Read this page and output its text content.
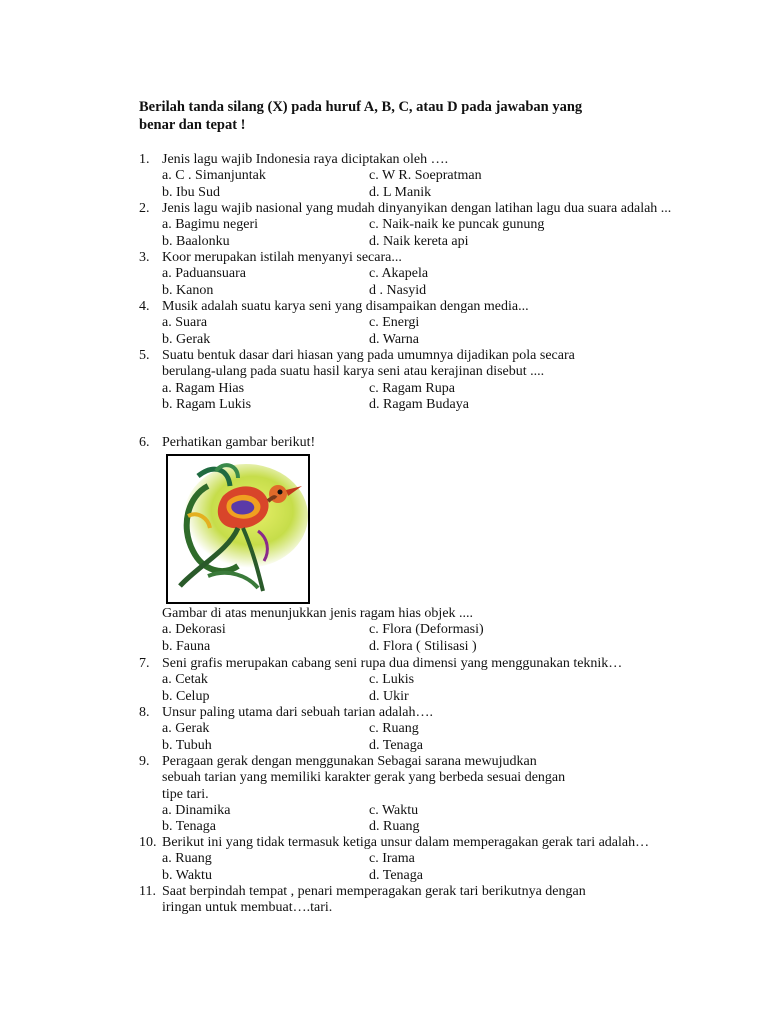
Berilah tanda silang (X) pada huruf A, B, C, atau D pada jawaban yang
benar dan tepat !
1. Jenis lagu wajib Indonesia raya diciptakan oleh ….
a. C . Simanjuntak	c. W R. Soepratman
b. Ibu Sud	d. L Manik
2. Jenis lagu wajib nasional yang mudah dinyanyikan dengan latihan lagu dua suara adalah ...
a. Bagimu negeri	c. Naik-naik ke puncak gunung
b. Baalonku	d. Naik kereta api
3. Koor merupakan istilah menyanyi secara...
a. Paduansuara	c. Akapela
b. Kanon	d . Nasyid
4. Musik adalah suatu karya seni yang disampaikan dengan media...
a. Suara	c. Energi
b. Gerak	d. Warna
5. Suatu bentuk dasar dari hiasan yang pada umumnya dijadikan pola secara
berulang-ulang pada suatu hasil karya seni atau kerajinan disebut ....
a. Ragam Hias	c. Ragam Rupa
b. Ragam Lukis	d. Ragam Budaya
6. Perhatikan gambar berikut!
Gambar di atas menunjukkan jenis ragam hias objek ....
a. Dekorasi	c. Flora (Deformasi)
b. Fauna	d. Flora ( Stilisasi )
7. Seni grafis merupakan cabang seni rupa dua dimensi yang menggunakan teknik…
a. Cetak	c. Lukis
b. Celup	d. Ukir
8. Unsur paling utama dari sebuah tarian adalah….
a. Gerak	c. Ruang
b. Tubuh	d. Tenaga
9. Peragaan gerak dengan menggunakan Sebagai sarana mewujudkan
sebuah tarian yang memiliki karakter gerak yang berbeda sesuai dengan
tipe tari.
a. Dinamika	c. Waktu
b. Tenaga	d. Ruang
10. Berikut ini yang tidak termasuk ketiga unsur dalam memperagakan gerak tari adalah…
a. Ruang	c. Irama
b. Waktu	d. Tenaga
11. Saat berpindah tempat , penari memperagakan gerak tari berikutnya dengan
iringan untuk membuat….tari.
